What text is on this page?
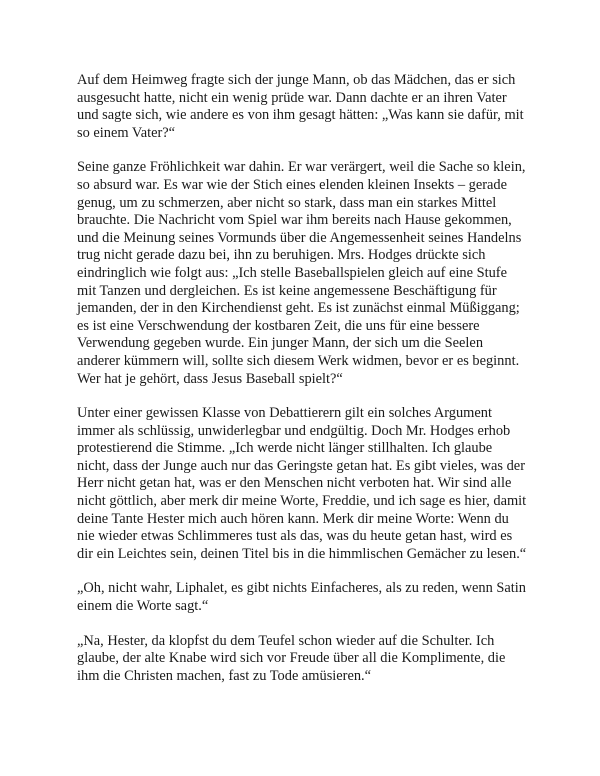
Auf dem Heimweg fragte sich der junge Mann, ob das Mädchen, das er sich ausgesucht hatte, nicht ein wenig prüde war. Dann dachte er an ihren Vater und sagte sich, wie andere es von ihm gesagt hätten: „Was kann sie dafür, mit so einem Vater?“

Seine ganze Fröhlichkeit war dahin. Er war verärgert, weil die Sache so klein, so absurd war. Es war wie der Stich eines elenden kleinen Insekts – gerade genug, um zu schmerzen, aber nicht so stark, dass man ein starkes Mittel brauchte. Die Nachricht vom Spiel war ihm bereits nach Hause gekommen, und die Meinung seines Vormunds über die Angemessenheit seines Handelns trug nicht gerade dazu bei, ihn zu beruhigen. Mrs. Hodges drückte sich eindringlich wie folgt aus: „Ich stelle Baseballspielen gleich auf eine Stufe mit Tanzen und dergleichen. Es ist keine angemessene Beschäftigung für jemanden, der in den Kirchendienst geht. Es ist zunächst einmal Müßiggang; es ist eine Verschwendung der kostbaren Zeit, die uns für eine bessere Verwendung gegeben wurde. Ein junger Mann, der sich um die Seelen anderer kümmern will, sollte sich diesem Werk widmen, bevor er es beginnt. Wer hat je gehört, dass Jesus Baseball spielt?“

Unter einer gewissen Klasse von Debattierern gilt ein solches Argument immer als schlüssig, unwiderlegbar und endgültig. Doch Mr. Hodges erhob protestierend die Stimme. „Ich werde nicht länger stillhalten. Ich glaube nicht, dass der Junge auch nur das Geringste getan hat. Es gibt vieles, was der Herr nicht getan hat, was er den Menschen nicht verboten hat. Wir sind alle nicht göttlich, aber merk dir meine Worte, Freddie, und ich sage es hier, damit deine Tante Hester mich auch hören kann. Merk dir meine Worte: Wenn du nie wieder etwas Schlimmeres tust als das, was du heute getan hast, wird es dir ein Leichtes sein, deinen Titel bis in die himmlischen Gemächer zu lesen.“

„Oh, nicht wahr, Liphalet, es gibt nichts Einfacheres, als zu reden, wenn Satin einem die Worte sagt.“

„Na, Hester, da klopfst du dem Teufel schon wieder auf die Schulter. Ich glaube, der alte Knabe wird sich vor Freude über all die Komplimente, die ihm die Christen machen, fast zu Tode amüsieren.“
